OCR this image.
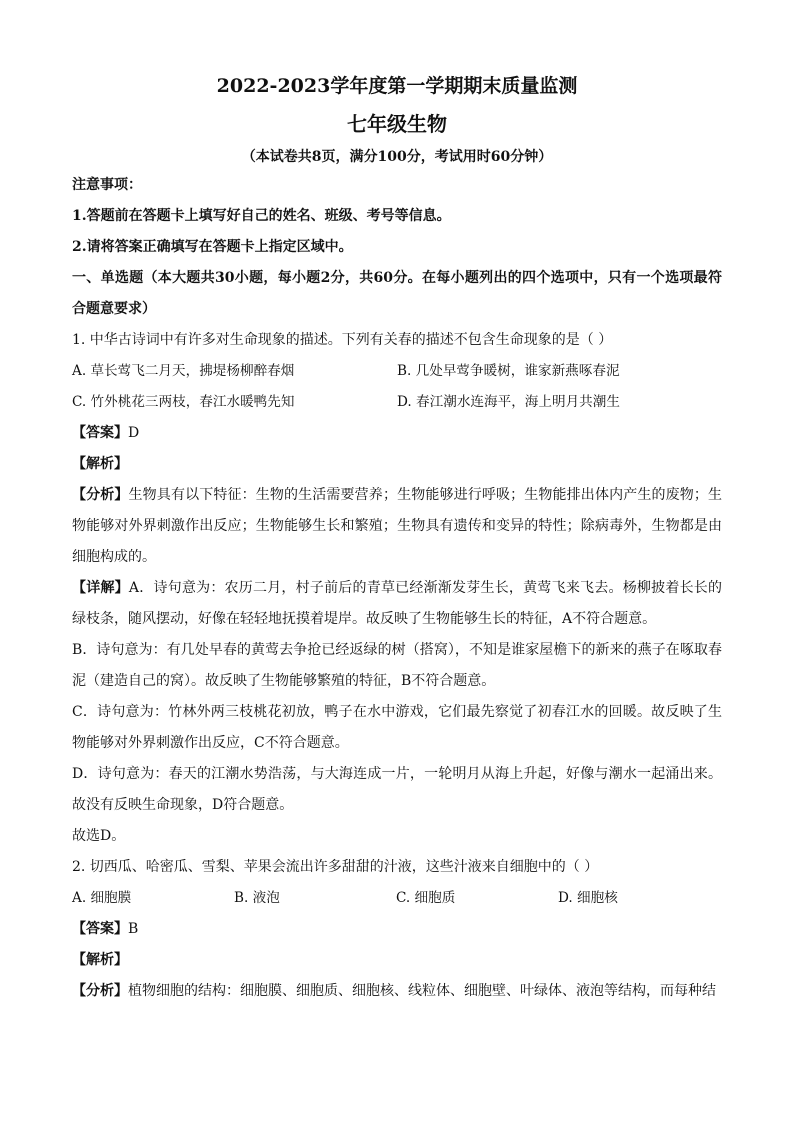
2022-2023学年度第一学期期末质量监测
七年级生物
（本试卷共8页，满分100分，考试用时60分钟）
注意事项：
1.答题前在答题卡上填写好自己的姓名、班级、考号等信息。
2.请将答案正确填写在答题卡上指定区域中。

一、单选题（本大题共30小题，每小题2分，共60分。在每小题列出的四个选项中，只有一个选项最符合题意要求）

1. 中华古诗词中有许多对生命现象的描述。下列有关春的描述不包含生命现象的是（ ）
A. 草长莺飞二月天，拂堤杨柳醉春烟	B. 几处早莺争暖树，谁家新燕啄春泥
C. 竹外桃花三两枝，春江水暖鸭先知	D. 春江潮水连海平，海上明月共潮生
【答案】D
【解析】

【分析】生物具有以下特征：生物的生活需要营养；生物能够进行呼吸；生物能排出体内产生的废物；生物能够对外界刺激作出反应；生物能够生长和繁殖；生物具有遗传和变异的特性；除病毒外，生物都是由细胞构成的。

【详解】A．诗句意为：农历二月，村子前后的青草已经渐渐发芽生长，黄莺飞来飞去。杨柳披着长长的绿枝条，随风摆动，好像在轻轻地抚摸着堤岸。故反映了生物能够生长的特征，A不符合题意。

B．诗句意为：有几处早春的黄莺去争抢已经返绿的树（搭窝），不知是谁家屋檐下的新来的燕子在啄取春泥（建造自己的窝）。故反映了生物能够繁殖的特征，B不符合题意。

C．诗句意为：竹林外两三枝桃花初放，鸭子在水中游戏，它们最先察觉了初春江水的回暖。故反映了生物能够对外界刺激作出反应，C不符合题意。

D．诗句意为：春天的江潮水势浩荡，与大海连成一片，一轮明月从海上升起，好像与潮水一起涌出来。故没有反映生命现象，D符合题意。

故选D。
2. 切西瓜、哈密瓜、雪梨、苹果会流出许多甜甜的汁液，这些汁液来自细胞中的（ ）
A. 细胞膜	B. 液泡	C. 细胞质	D. 细胞核
【答案】B
【解析】
【分析】植物细胞的结构：细胞膜、细胞质、细胞核、线粒体、细胞壁、叶绿体、液泡等结构，而每种结
